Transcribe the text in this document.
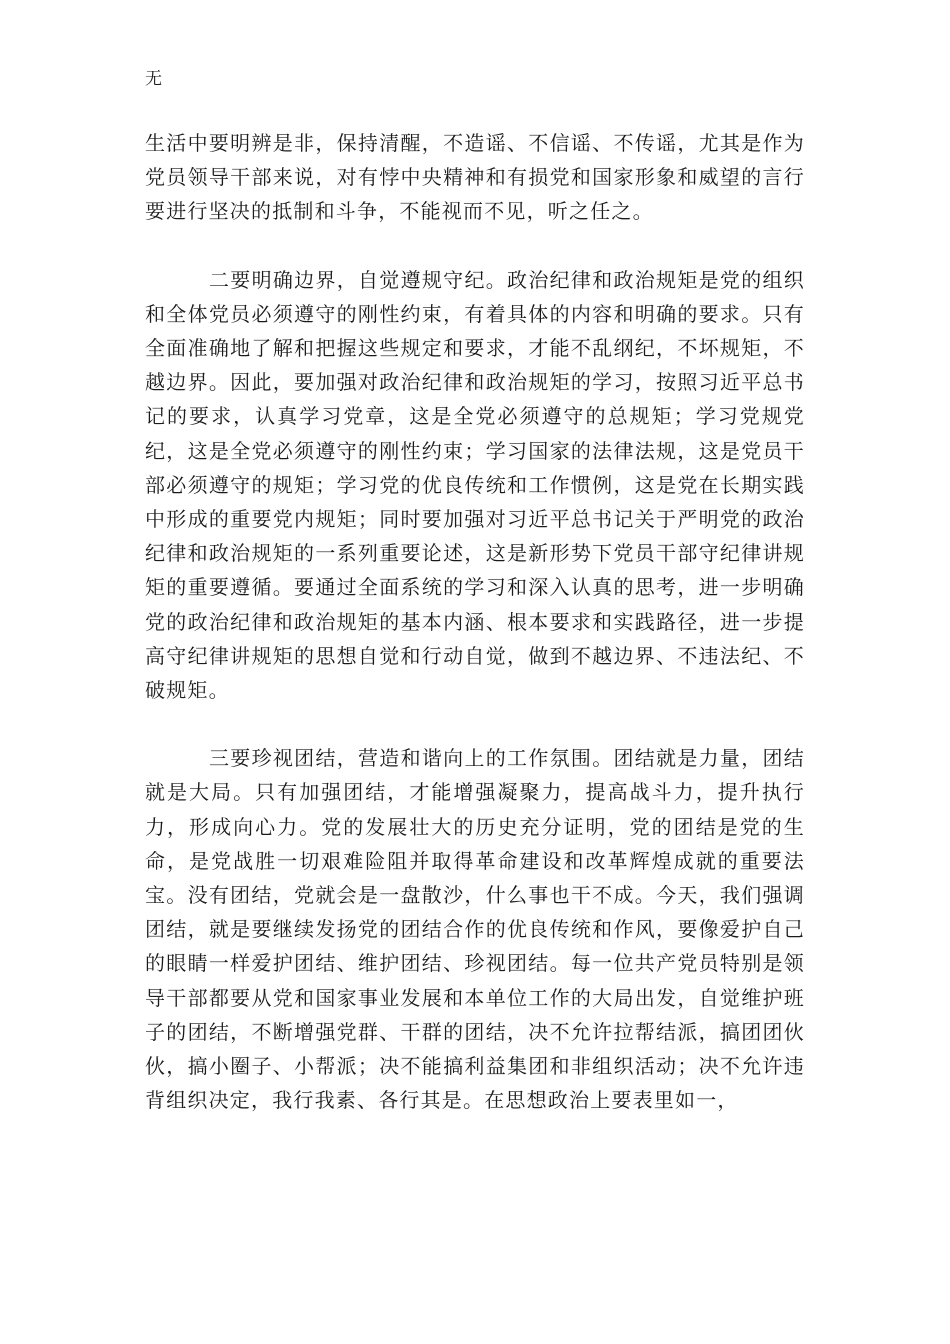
无

生活中要明辨是非，保持清醒，不造谣、不信谣、不传谣，尤其是作为党员领导干部来说，对有悖中央精神和有损党和国家形象和威望的言行要进行坚决的抵制和斗争，不能视而不见，听之任之。

二要明确边界，自觉遵规守纪。政治纪律和政治规矩是党的组织和全体党员必须遵守的刚性约束，有着具体的内容和明确的要求。只有全面准确地了解和把握这些规定和要求，才能不乱纲纪，不坏规矩，不越边界。因此，要加强对政治纪律和政治规矩的学习，按照习近平总书记的要求，认真学习党章，这是全党必须遵守的总规矩；学习党规党纪，这是全党必须遵守的刚性约束；学习国家的法律法规，这是党员干部必须遵守的规矩；学习党的优良传统和工作惯例，这是党在长期实践中形成的重要党内规矩；同时要加强对习近平总书记关于严明党的政治纪律和政治规矩的一系列重要论述，这是新形势下党员干部守纪律讲规矩的重要遵循。要通过全面系统的学习和深入认真的思考，进一步明确党的政治纪律和政治规矩的基本内涵、根本要求和实践路径，进一步提高守纪律讲规矩的思想自觉和行动自觉，做到不越边界、不违法纪、不破规矩。

三要珍视团结，营造和谐向上的工作氛围。团结就是力量，团结就是大局。只有加强团结，才能增强凝聚力，提高战斗力，提升执行力，形成向心力。党的发展壮大的历史充分证明，党的团结是党的生命，是党战胜一切艰难险阻并取得革命建设和改革辉煌成就的重要法宝。没有团结，党就会是一盘散沙，什么事也干不成。今天，我们强调团结，就是要继续发扬党的团结合作的优良传统和作风，要像爱护自己的眼睛一样爱护团结、维护团结、珍视团结。每一位共产党员特别是领导干部都要从党和国家事业发展和本单位工作的大局出发，自觉维护班子的团结，不断增强党群、干群的团结，决不允许拉帮结派，搞团团伙伙，搞小圈子、小帮派；决不能搞利益集团和非组织活动；决不允许违背组织决定，我行我素、各行其是。在思想政治上要表里如一，
